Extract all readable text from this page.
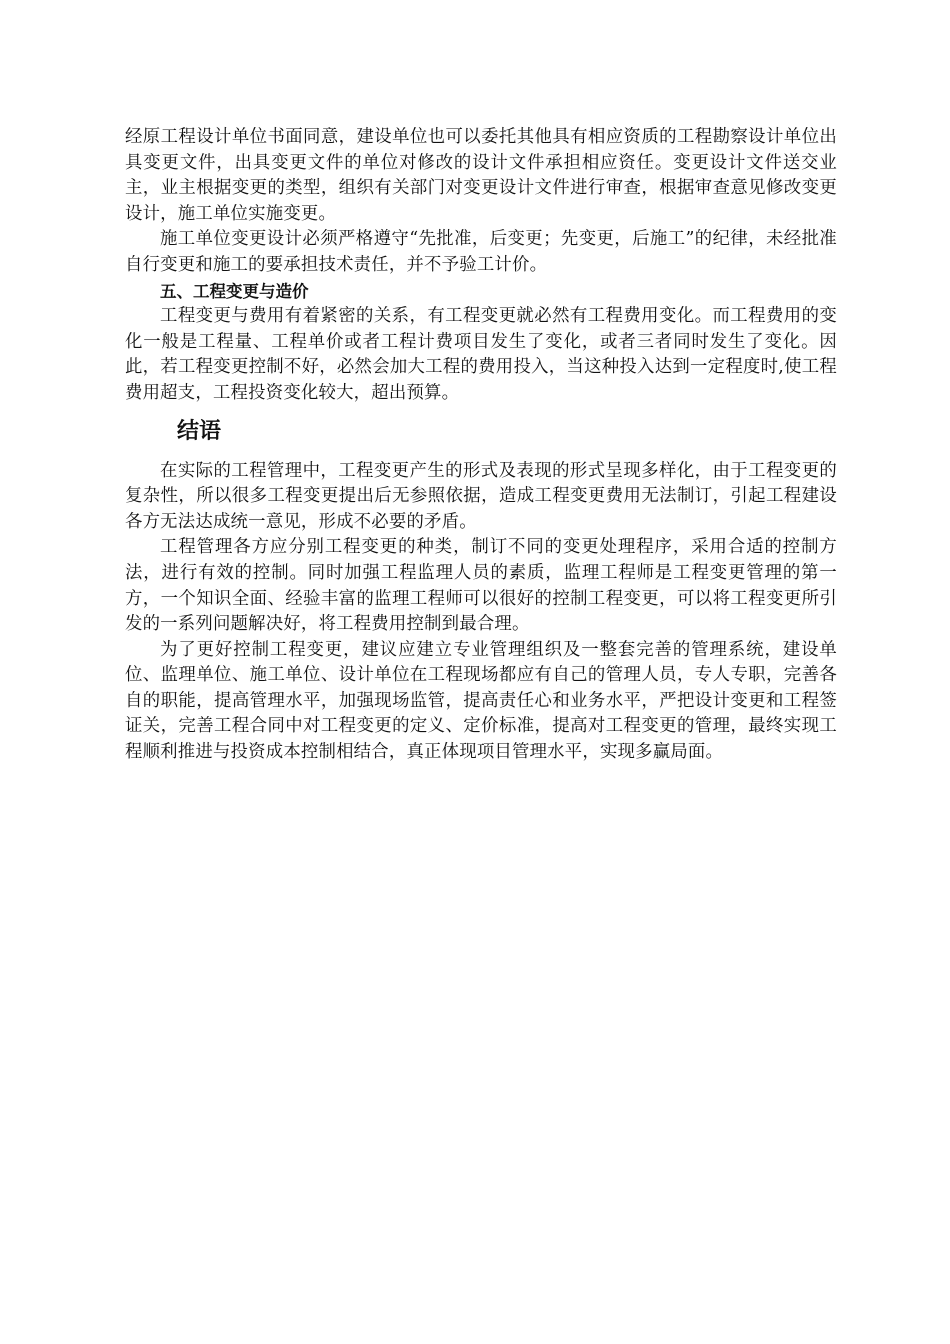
经原工程设计单位书面同意，建设单位也可以委托其他具有相应资质的工程勘察设计单位出具变更文件，出具变更文件的单位对修改的设计文件承担相应资任。变更设计文件送交业主，业主根据变更的类型，组织有关部门对变更设计文件进行审查，根据审查意见修改变更设计，施工单位实施变更。

施工单位变更设计必须严格遵守“先批准，后变更；先变更，后施工”的纪律，未经批准自行变更和施工的要承担技术责任，并不予验工计价。

五、工程变更与造价

工程变更与费用有着紧密的关系，有工程变更就必然有工程费用变化。而工程费用的变化一般是工程量、工程单价或者工程计费项目发生了变化，或者三者同时发生了变化。因此，若工程变更控制不好，必然会加大工程的费用投入，当这种投入达到一定程度时,使工程费用超支，工程投资变化较大，超出预算。

结语

在实际的工程管理中，工程变更产生的形式及表现的形式呈现多样化，由于工程变更的复杂性，所以很多工程变更提出后无参照依据，造成工程变更费用无法制订，引起工程建设各方无法达成统一意见，形成不必要的矛盾。

工程管理各方应分别工程变更的种类，制订不同的变更处理程序，采用合适的控制方法，进行有效的控制。同时加强工程监理人员的素质，监理工程师是工程变更管理的第一方，一个知识全面、经验丰富的监理工程师可以很好的控制工程变更，可以将工程变更所引发的一系列问题解决好，将工程费用控制到最合理。

为了更好控制工程变更，建议应建立专业管理组织及一整套完善的管理系统，建设单位、监理单位、施工单位、设计单位在工程现场都应有自己的管理人员，专人专职，完善各自的职能，提高管理水平，加强现场监管，提高责任心和业务水平，严把设计变更和工程签证关，完善工程合同中对工程变更的定义、定价标准，提高对工程变更的管理，最终实现工程顺利推进与投资成本控制相结合，真正体现项目管理水平，实现多赢局面。
